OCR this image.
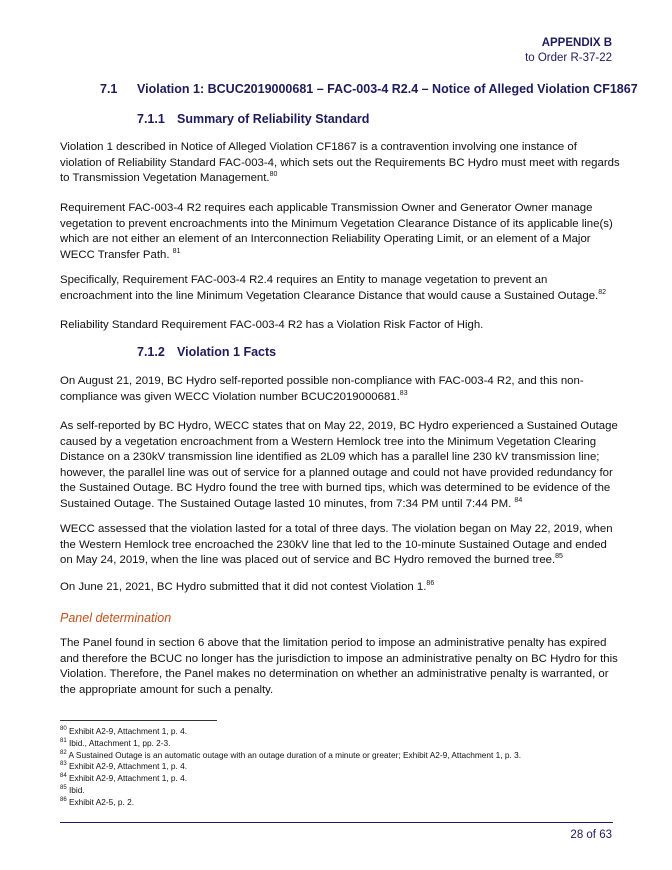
APPENDIX B
to Order R-37-22
7.1 Violation 1: BCUC2019000681 – FAC-003-4 R2.4 – Notice of Alleged Violation CF1867
7.1.1 Summary of Reliability Standard
Violation 1 described in Notice of Alleged Violation CF1867 is a contravention involving one instance of violation of Reliability Standard FAC-003-4, which sets out the Requirements BC Hydro must meet with regards to Transmission Vegetation Management.$^{80}$
Requirement FAC-003-4 R2 requires each applicable Transmission Owner and Generator Owner manage vegetation to prevent encroachments into the Minimum Vegetation Clearance Distance of its applicable line(s) which are not either an element of an Interconnection Reliability Operating Limit, or an element of a Major WECC Transfer Path. $^{81}$
Specifically, Requirement FAC-003-4 R2.4 requires an Entity to manage vegetation to prevent an encroachment into the line Minimum Vegetation Clearance Distance that would cause a Sustained Outage.$^{82}$
Reliability Standard Requirement FAC-003-4 R2 has a Violation Risk Factor of High.
7.1.2 Violation 1 Facts
On August 21, 2019, BC Hydro self-reported possible non-compliance with FAC-003-4 R2, and this non-compliance was given WECC Violation number BCUC2019000681.83
As self-reported by BC Hydro, WECC states that on May 22, 2019, BC Hydro experienced a Sustained Outage caused by a vegetation encroachment from a Western Hemlock tree into the Minimum Vegetation Clearing Distance on a 230kV transmission line identified as 2L09 which has a parallel line 230 kV transmission line; however, the parallel line was out of service for a planned outage and could not have provided redundancy for the Sustained Outage. BC Hydro found the tree with burned tips, which was determined to be evidence of the Sustained Outage. The Sustained Outage lasted 10 minutes, from 7:34 PM until 7:44 PM. $^{84}$
WECC assessed that the violation lasted for a total of three days. The violation began on May 22, 2019, when the Western Hemlock tree encroached the 230kV line that led to the 10-minute Sustained Outage and ended on May 24, 2019, when the line was placed out of service and BC Hydro removed the burned tree.$^{85}$
On June 21, 2021, BC Hydro submitted that it did not contest Violation 1.86
Panel determination
The Panel found in section 6 above that the limitation period to impose an administrative penalty has expired and therefore the BCUC no longer has the jurisdiction to impose an administrative penalty on BC Hydro for this Violation. Therefore, the Panel makes no determination on whether an administrative penalty is warranted, or the appropriate amount for such a penalty.
$^{80}$ Exhibit A2-9, Attachment 1, p. 4.
$^{81}$ Ibid., Attachment 1, pp. 2-3.
$^{82}$ A Sustained Outage is an automatic outage with an outage duration of a minute or greater; Exhibit A2-9, Attachment 1, p. 3.
$^{83}$ Exhibit A2-9, Attachment 1, p. 4.
$^{84}$ Exhibit A2-9, Attachment 1, p. 4.
$^{85}$ Ibid.
$^{86}$ Exhibit A2-5, p. 2.
28 of 63
